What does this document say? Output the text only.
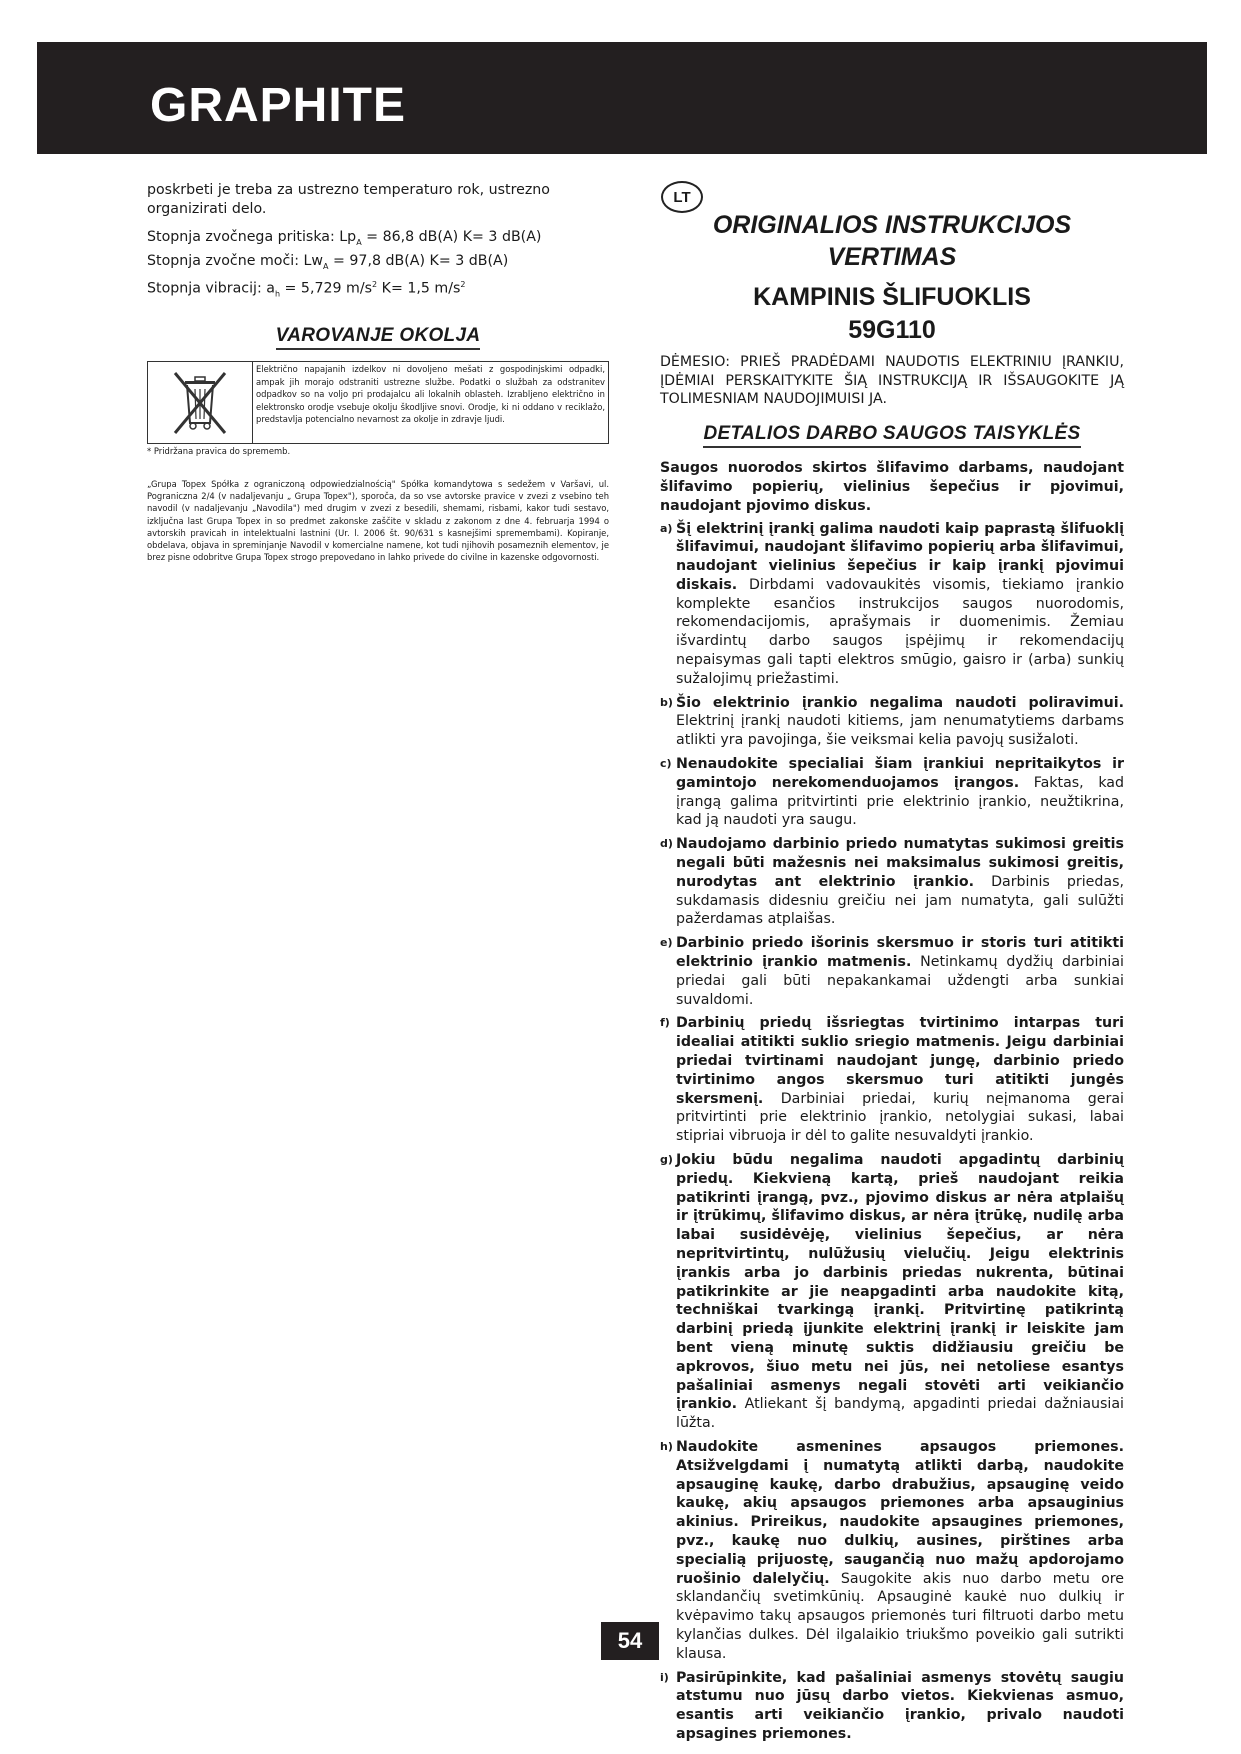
GRAPHITE

poskrbeti je treba za ustrezno temperaturo rok, ustrezno organizirati delo.

Stopnja zvočnega pritiska: $Lp_A = 86,8$ dB(A) K= 3 dB(A)
Stopnja zvočne moči: $Lw_A = 97,8$ dB(A) K= 3 dB(A)
Stopnja vibracij: $a_h = 5,729$ $m/s^2$ K= 1,5 $m/s^2$
VAROVANJE OKOLJA
Električno napajanih izdelkov ni dovoljeno mešati z gospodinjskimi odpadki, ampak jih morajo odstraniti ustrezne službe. Podatki o službah za odstranitev odpadkov so na voljo pri prodajalcu ali lokalnih oblasteh. Izrabljeno električno in elektronsko orodje vsebuje okolju škodljive snovi. Orodje, ki ni oddano v reciklažo, predstavlja potencialno nevarnost za okolje in zdravje ljudi.
* Pridržana pravica do sprememb.
„Grupa Topex Spółka z ograniczoną odpowiedzialnością" Spółka komandytowa s sedežem v Varšavi, ul. Pograniczna 2/4 (v nadaljevanju „ Grupa Topex"), sporoča, da so vse avtorske pravice v zvezi z vsebino teh navodil (v nadaljevanju „Navodila") med drugim v zvezi z besedili, shemami, risbami, kakor tudi sestavo, izključna last Grupa Topex in so predmet zakonske zaščite v skladu z zakonom z dne 4. februarja 1994 o avtorskih pravicah in intelektualni lastnini (Ur. l. 2006 št. 90/631 s kasnejšimi spremembami). Kopiranje, obdelava, objava in spreminjanje Navodil v komercialne namene, kot tudi njihovih posameznih elementov, je brez pisne odobritve Grupa Topex strogo prepovedano in lahko privede do civilne in kazenske odgovornosti.
LT
ORIGINALIOS INSTRUKCIJOS
VERTIMAS
KAMPINIS ŠLIFUOKLIS
59G110
DĖMESIO: PRIEŠ PRADĖDAMI NAUDOTIS ELEKTRINIU ĮRANKIU, ĮDĖMIAI PERSKAITYKITE ŠIĄ INSTRUKCIJĄ IR IŠSAUGOKITE JĄ TOLIMESNIAM NAUDOJIMUISI JA.
DETALIOS DARBO SAUGOS TAISYKLĖS
Saugos nuorodos skirtos šlifavimo darbams, naudojant šlifavimo popierių, vielinius šepečius ir pjovimui, naudojant pjovimo diskus.
a) Šį elektrinį įrankį galima naudoti kaip paprastą šlifuoklį šlifavimui, naudojant šlifavimo popierių arba šlifavimui, naudojant vielinius šepečius ir kaip įrankį pjovimui diskais. Dirbdami vadovaukitės visomis, tiekiamo įrankio komplekte esančios instrukcijos saugos nuorodomis, rekomendacijomis, aprašymais ir duomenimis. Žemiau išvardintų darbo saugos įspėjimų ir rekomendacijų nepaisymas gali tapti elektros smūgio, gaisro ir (arba) sunkių sužalojimų priežastimi.
b) Šio elektrinio įrankio negalima naudoti poliravimui. Elektrinį įrankį naudoti kitiems, jam nenumatytiems darbams atlikti yra pavojinga, šie veiksmai kelia pavojų susižaloti.
c) Nenaudokite specialiai šiam įrankiui nepritaikytos ir gamintojo nerekomenduojamos įrangos. Faktas, kad įrangą galima pritvirtinti prie elektrinio įrankio, neužtikrina, kad ją naudoti yra saugu.
d) Naudojamo darbinio priedo numatytas sukimosi greitis negali būti mažesnis nei maksimalus sukimosi greitis, nurodytas ant elektrinio įrankio. Darbinis priedas, sukdamasis didesniu greičiu nei jam numatyta, gali sulūžti pažerdamas atplaišas.
e) Darbinio priedo išorinis skersmuo ir storis turi atitikti elektrinio įrankio matmenis. Netinkamų dydžių darbiniai priedai gali būti nepakankamai uždengti arba sunkiai suvaldomi.
f) Darbinių priedų išsriegtas tvirtinimo intarpas turi idealiai atitikti suklio sriegio matmenis. Jeigu darbiniai priedai tvirtinami naudojant jungę, darbinio priedo tvirtinimo angos skersmuo turi atitikti jungės skersmenį. Darbiniai priedai, kurių neįmanoma gerai pritvirtinti prie elektrinio įrankio, netolygiai sukasi, labai stipriai vibruoja ir dėl to galite nesuvaldyti įrankio.
g) Jokiu būdu negalima naudoti apgadintų darbinių priedų. Kiekvieną kartą, prieš naudojant reikia patikrinti įrangą, pvz., pjovimo diskus ar nėra atplaišų ir įtrūkimų, šlifavimo diskus, ar nėra įtrūkę, nudilę arba labai susidėvėję, vielinius šepečius, ar nėra nepritvirtintų, nulūžusių vielučių. Jeigu elektrinis įrankis arba jo darbinis priedas nukrenta, būtinai patikrinkite ar jie neapgadinti arba naudokite kitą, techniškai tvarkingą įrankį. Pritvirtinę patikrintą darbinį priedą įjunkite elektrinį įrankį ir leiskite jam bent vieną minutę suktis didžiausiu greičiu be apkrovos, šiuo metu nei jūs, nei netoliese esantys pašaliniai asmenys negali stovėti arti veikiančio įrankio. Atliekant šį bandymą, apgadinti priedai dažniausiai lūžta.
h) Naudokite asmenines apsaugos priemones. Atsižvelgdami į numatytą atlikti darbą, naudokite apsauginę kaukę, darbo drabužius, apsauginę veido kaukę, akių apsaugos priemones arba apsauginius akinius. Prireikus, naudokite apsaugines priemones, pvz., kaukę nuo dulkių, ausines, pirštines arba specialią prijuostę, saugančią nuo mažų apdorojamo ruošinio dalelyčių. Saugokite akis nuo darbo metu ore sklandančių svetimkūnių. Apsauginė kaukė nuo dulkių ir kvėpavimo takų apsaugos priemonės turi filtruoti darbo metu kylančias dulkes. Dėl ilgalaikio triukšmo poveikio gali sutrikti klausa.
i) Pasirūpinkite, kad pašaliniai asmenys stovėtų saugiu atstumu nuo jūsų darbo vietos. Kiekvienas asmuo, esantis arti veikiančio įrankio, privalo naudoti apsagines priemones.
54
